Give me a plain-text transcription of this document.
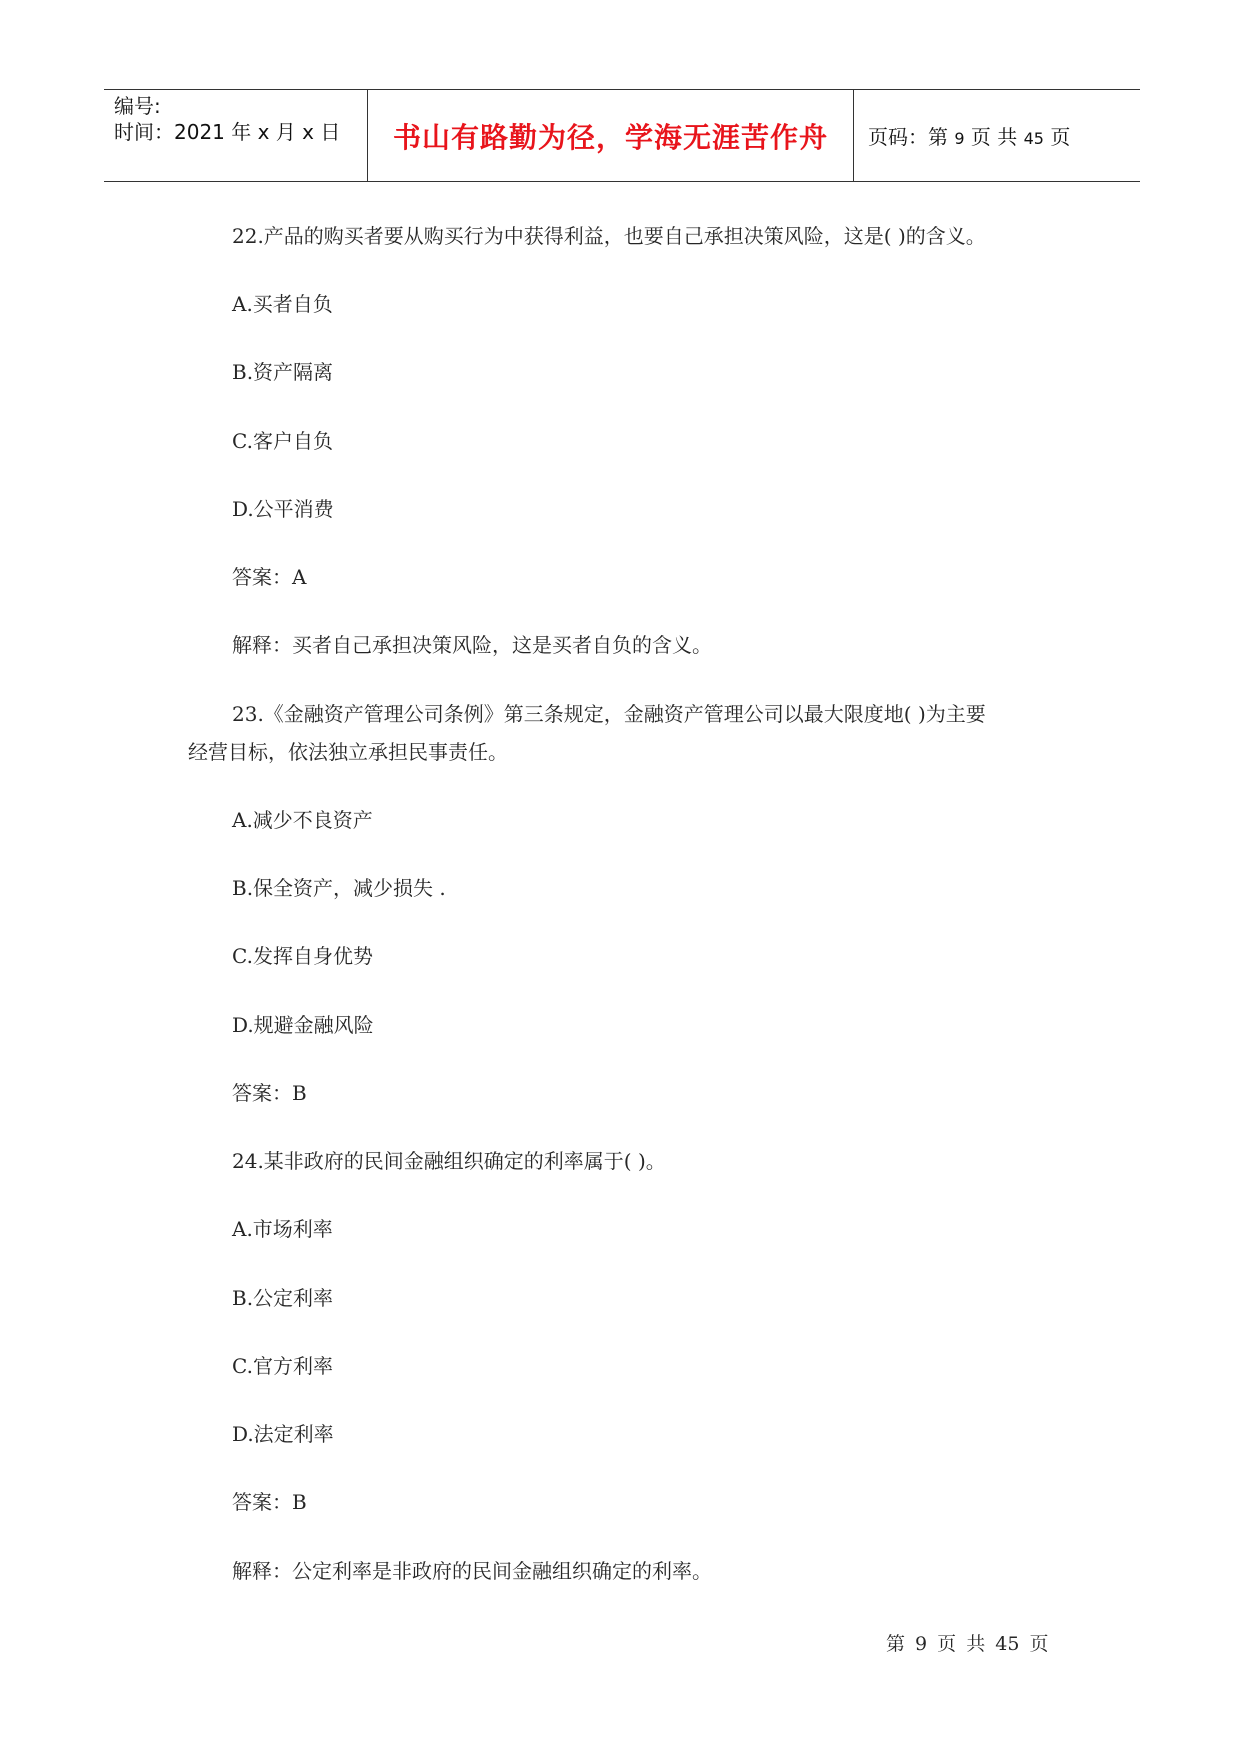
编号:
时间：2021 年 x 月 x 日 书山有路勤为径，学海无涯苦作舟 页码：第 9 页 共 45 页
22.产品的购买者要从购买行为中获得利益，也要自己承担决策风险，这是( )的含义。
A.买者自负
B.资产隔离
C.客户自负
D.公平消费
答案：A
解释：买者自己承担决策风险，这是买者自负的含义。
23.《金融资产管理公司条例》第三条规定，金融资产管理公司以最大限度地( )为主要
经营目标，依法独立承担民事责任。
A.减少不良资产
B.保全资产，减少损失 .
C.发挥自身优势
D.规避金融风险
答案：B
24.某非政府的民间金融组织确定的利率属于( )。
A.市场利率
B.公定利率
C.官方利率
D.法定利率
答案：B
解释：公定利率是非政府的民间金融组织确定的利率。
第 9 页 共 45 页
